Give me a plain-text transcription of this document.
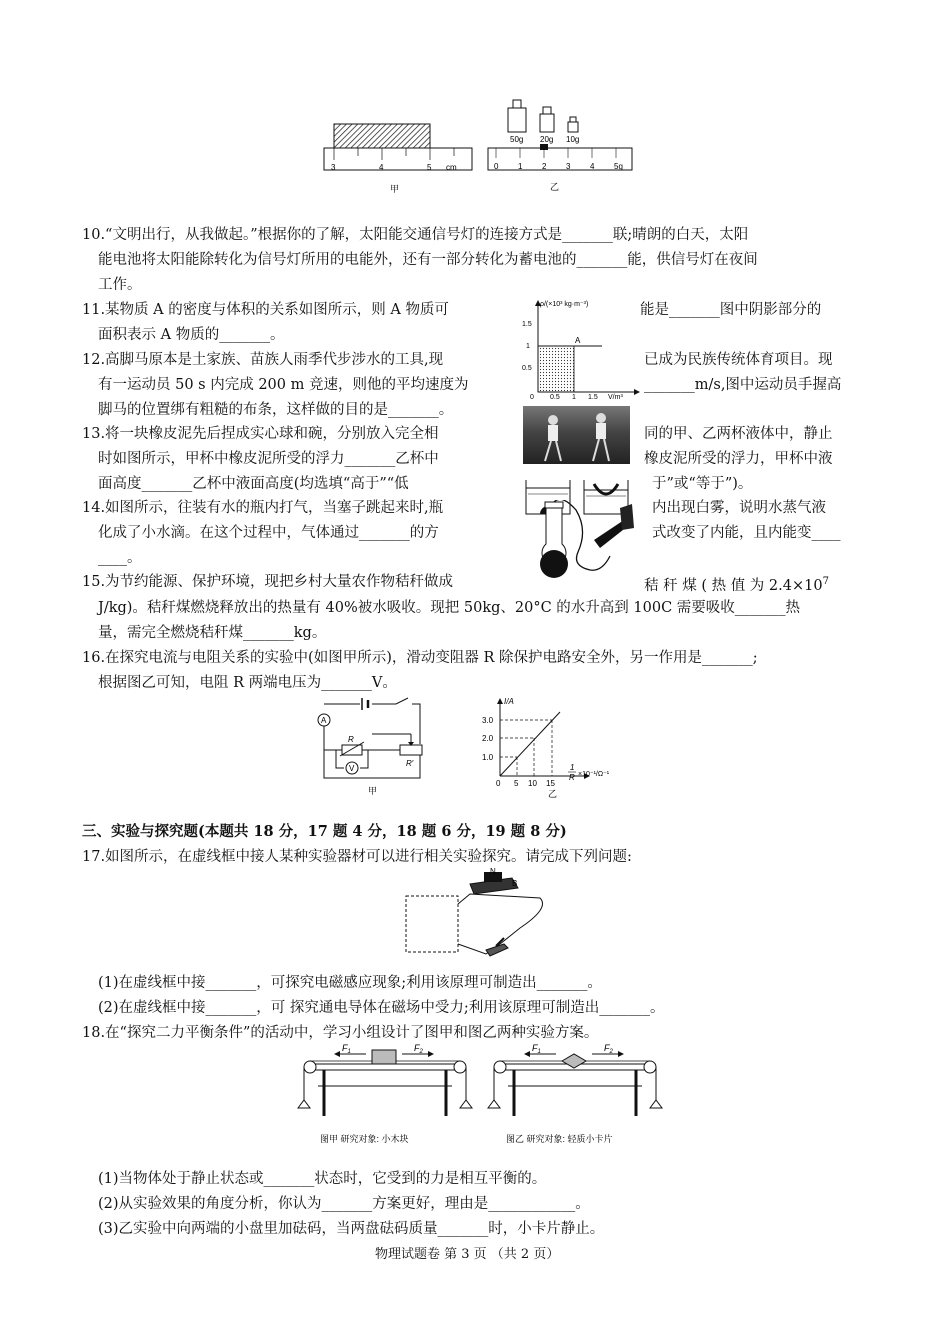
3	4	5 cm
甲
50g 20g 10g
0 1 2 3 4 5g
乙
10.“文明出行，从我做起。”根据你的了解，太阳能交通信号灯的连接方式是_______联;晴朗的白天，太阳
能电池将太阳能除转化为信号灯所用的电能外，还有一部分转化为蓄电池的_______能，供信号灯在夜间
工作。
11.某物质 A 的密度与体积的关系如图所示，则 A 物质可	能是_______图中阴影部分的
面积表示 A 物质的_______。
ρ/(×10³ kg·m⁻³)
1.5
1
0.5
0 0.5 1 1.5 V/m³
A
12.高脚马原本是土家族、苗族人雨季代步涉水的工具,现	已成为民族传统体育项目。现
有一运动员 50 s 内完成 200 m 竞速，则他的平均速度为	_______m/s,图中运动员手握高
脚马的位置绑有粗糙的布条，这样做的目的是_______。
13.将一块橡皮泥先后捏成实心球和碗，分别放入完全相	同的甲、乙两杯液体中，静止
时如图所示，甲杯中橡皮泥所受的浮力_______乙杯中	橡皮泥所受的浮力，甲杯中液
面高度_______乙杯中液面高度(均选填“高于”“低	于”或“等于”)。
14.如图所示，往装有水的瓶内打气，当塞子跳起来时,瓶	内出现白雾，说明水蒸气液
化成了小水滴。在这个过程中，气体通过_______的方	式改变了内能，且内能变____
____。
15.为节约能源、保护环境，现把乡村大量农作物秸秆做成	秸 秆 煤 ( 热 值 为 $2.4\times 10^7$
J/kg)。秸秆煤燃烧释放出的热量有 40%被水吸收。现把 50kg、20°C 的水升高到 100C 需要吸收_______热
量，需完全燃烧秸秆煤_______kg。
16.在探究电流与电阻关系的实验中(如图甲所示)，滑动变阻器 R 除保护电路安全外，另一作用是_______;
根据图乙可知，电阻 R 两端电压为_______V。
A
R
R′
V
甲
I/A
3.0
2.0
1.0
0 5 10 15
1
R ×10⁻¹/Ω⁻¹
乙
三、实验与探究题(本题共 18 分，17 题 4 分，18 题 6 分，19 题 8 分)
17.如图所示，在虚线框中接人某种实验器材可以进行相关实验探究。请完成下列问题:
N
B
(1)在虚线框中接_______，可探究电磁感应现象;利用该原理可制造出_______。
(2)在虚线框中接_______，可 探究通电导体在磁场中受力;利用该原理可制造出_______。
18.在“探究二力平衡条件”的活动中，学习小组设计了图甲和图乙两种实验方案。
$F_1$	$F_2$
图甲 研究对象: 小木块
$F_1$	$F_2$
图乙 研究对象: 轻质小卡片
(1)当物体处于静止状态或_______状态时，它受到的力是相互平衡的。
(2)从实验效果的角度分析，你认为_______方案更好，理由是____________。
(3)乙实验中向两端的小盘里加砝码，当两盘砝码质量_______时，小卡片静止。
物理试题卷 第 3 页 （共 2 页）
